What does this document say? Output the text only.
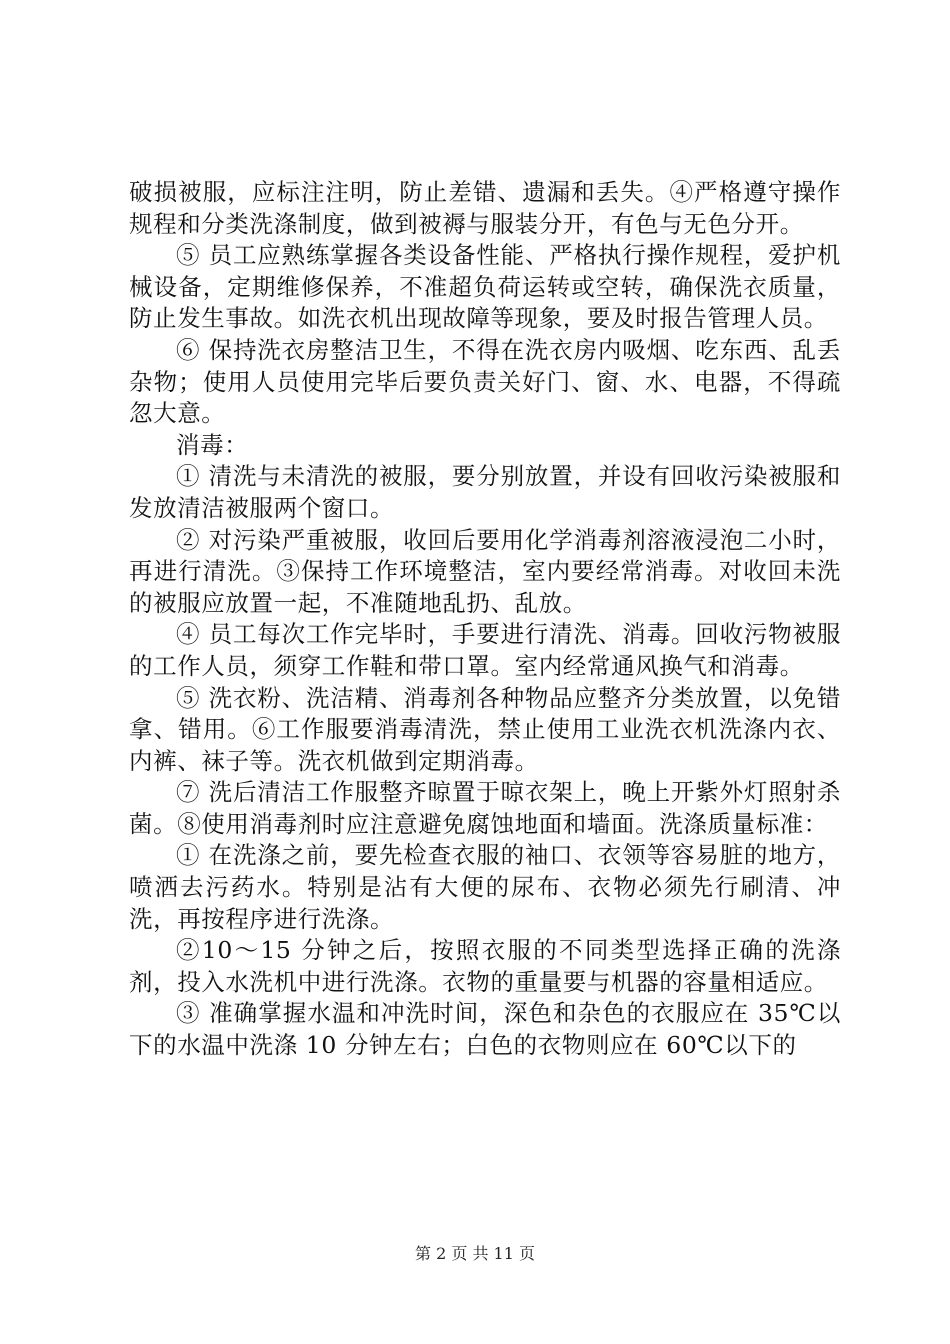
破损被服，应标注注明，防止差错、遗漏和丢失。④严格遵守操作规程和分类洗涤制度，做到被褥与服装分开，有色与无色分开。

⑤ 员工应熟练掌握各类设备性能、严格执行操作规程，爱护机械设备，定期维修保养，不准超负荷运转或空转，确保洗衣质量，防止发生事故。如洗衣机出现故障等现象，要及时报告管理人员。

⑥ 保持洗衣房整洁卫生，不得在洗衣房内吸烟、吃东西、乱丢杂物；使用人员使用完毕后要负责关好门、窗、水、电器，不得疏忽大意。

消毒：

① 清洗与未清洗的被服，要分别放置，并设有回收污染被服和发放清洁被服两个窗口。

② 对污染严重被服，收回后要用化学消毒剂溶液浸泡二小时，再进行清洗。③保持工作环境整洁，室内要经常消毒。对收回未洗的被服应放置一起，不准随地乱扔、乱放。

④ 员工每次工作完毕时，手要进行清洗、消毒。回收污物被服的工作人员，须穿工作鞋和带口罩。室内经常通风换气和消毒。

⑤ 洗衣粉、洗洁精、消毒剂各种物品应整齐分类放置，以免错拿、错用。⑥工作服要消毒清洗，禁止使用工业洗衣机洗涤内衣、内裤、袜子等。洗衣机做到定期消毒。

⑦ 洗后清洁工作服整齐晾置于晾衣架上，晚上开紫外灯照射杀菌。⑧使用消毒剂时应注意避免腐蚀地面和墙面。洗涤质量标准：

① 在洗涤之前，要先检查衣服的袖口、衣领等容易脏的地方，喷洒去污药水。特别是沾有大便的尿布、衣物必须先行刷清、冲洗，再按程序进行洗涤。

②10～15 分钟之后，按照衣服的不同类型选择正确的洗涤剂，投入水洗机中进行洗涤。衣物的重量要与机器的容量相适应。

③ 准确掌握水温和冲洗时间，深色和杂色的衣服应在 35℃以下的水温中洗涤 10 分钟左右；白色的衣物则应在 60℃以下的

第 2 页 共 11 页
